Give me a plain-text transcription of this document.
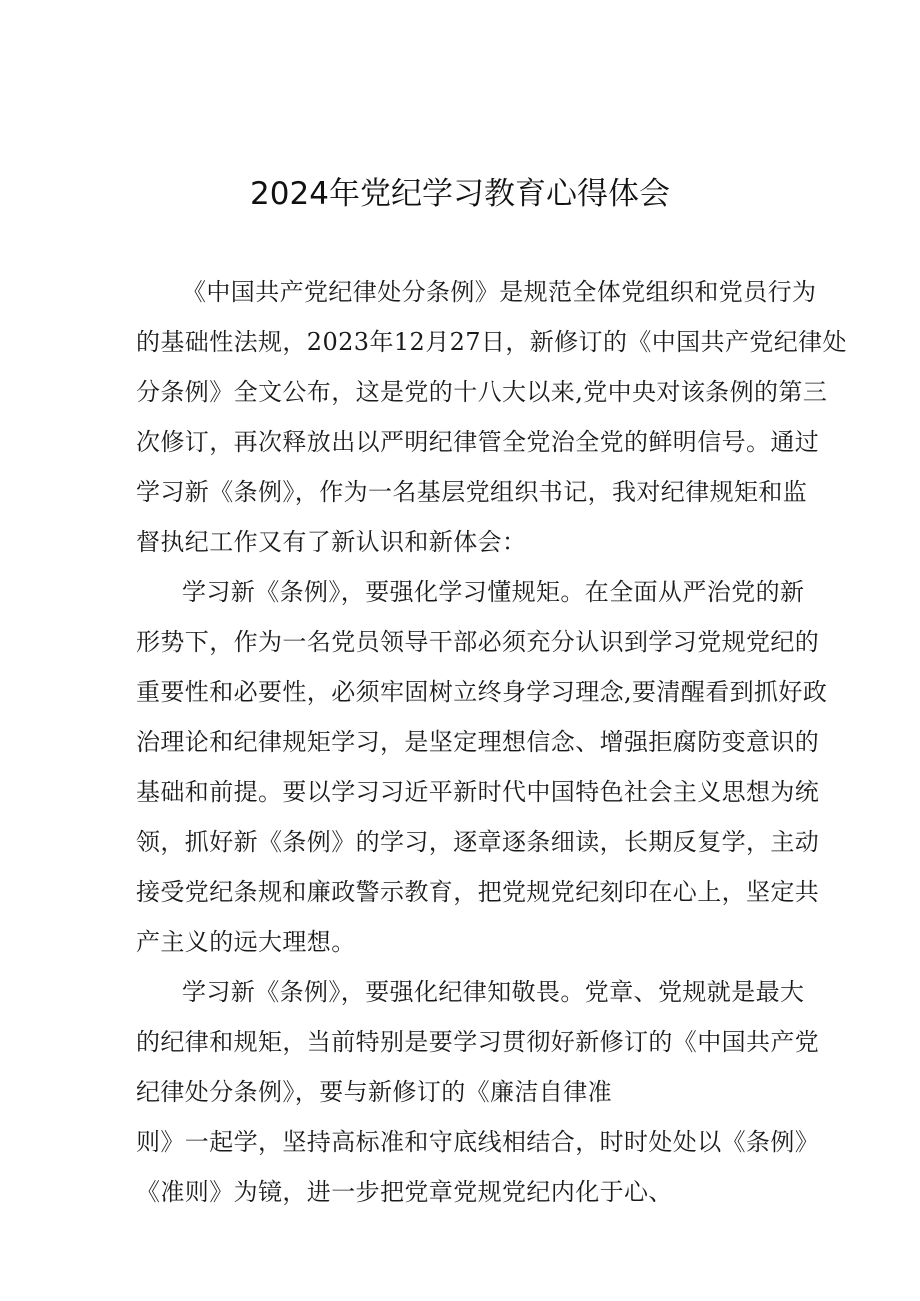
2024年党纪学习教育心得体会
《中国共产党纪律处分条例》是规范全体党组织和党员行为
的基础性法规，2023年12月27日，新修订的《中国共产党纪律处
分条例》全文公布，这是党的十八大以来,党中央对该条例的第三
次修订，再次释放出以严明纪律管全党治全党的鲜明信号。通过
学习新《条例》，作为一名基层党组织书记，我对纪律规矩和监
督执纪工作又有了新认识和新体会：
学习新《条例》，要强化学习懂规矩。在全面从严治党的新
形势下，作为一名党员领导干部必须充分认识到学习党规党纪的
重要性和必要性，必须牢固树立终身学习理念,要清醒看到抓好政
治理论和纪律规矩学习，是坚定理想信念、增强拒腐防变意识的
基础和前提。要以学习习近平新时代中国特色社会主义思想为统
领，抓好新《条例》的学习，逐章逐条细读，长期反复学，主动
接受党纪条规和廉政警示教育，把党规党纪刻印在心上，坚定共
产主义的远大理想。
学习新《条例》，要强化纪律知敬畏。党章、党规就是最大
的纪律和规矩，当前特别是要学习贯彻好新修订的《中国共产党
纪律处分条例》，要与新修订的《廉洁自律准
则》一起学，坚持高标准和守底线相结合，时时处处以《条例》
《准则》为镜，进一步把党章党规党纪内化于心、
